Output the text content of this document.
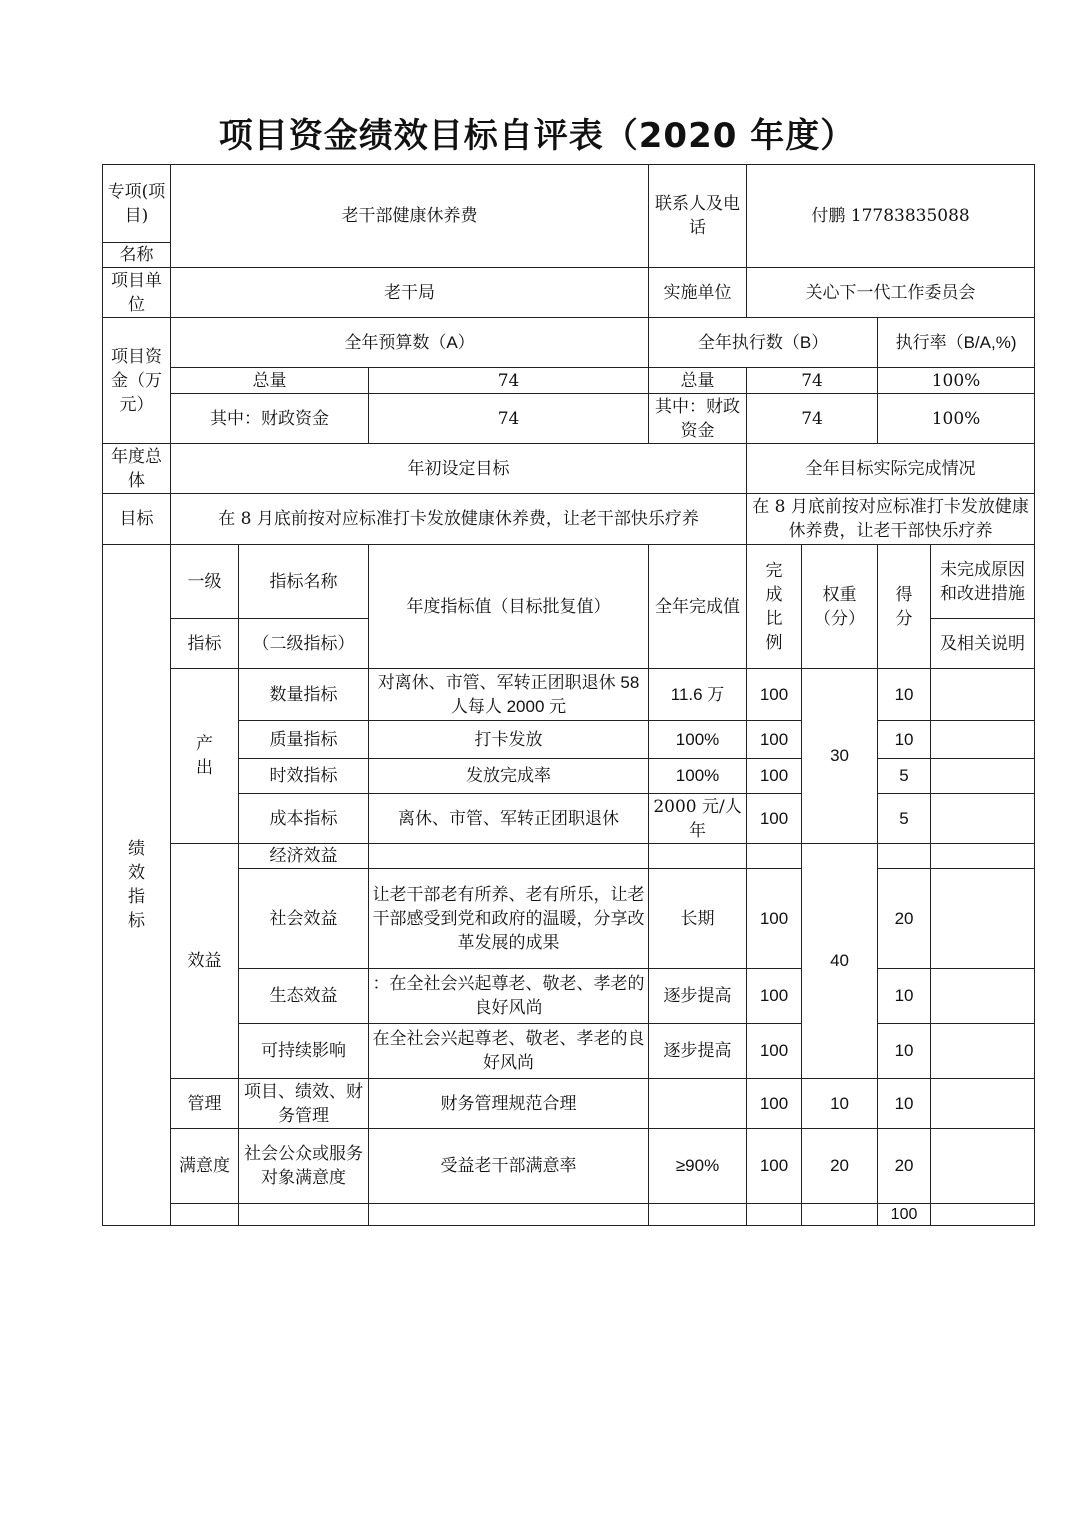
项目资金绩效目标自评表（2020 年度）
专项(项目)	老干部健康休养费			联系人及电话	付鹏 17783835088				
名称									
项目单位	老干局			实施单位	关心下一代工作委员会				
项目资金（万元）	全年预算数（A）			全年执行数（B）			执行率（B/A,%)		
	总量		74	总量	74		100%		
	其中：财政资金		74	其中：财政资金	74		100%		
年度总体	年初设定目标				全年目标实际完成情况				
目标	在 8 月底前按对应标准打卡发放健康休养费，让老干部快乐疗养				在 8 月底前按对应标准打卡发放健康休养费，让老干部快乐疗养				
绩效指标	一级	指标名称	年度指标值（目标批复值）	全年完成值	完成比例	权重（分）	得分	未完成原因和改进措施	
	指标	（二级指标）						及相关说明	
	产出	数量指标	对离休、市管、军转正团职退休 58 人每人 2000 元	11.6 万	100	30	10		
		质量指标	打卡发放	100%	100		10		
		时效指标	发放完成率	100%	100		5		
		成本指标	离休、市管、军转正团职退休	2000 元/人年	100		5		
	效益	经济效益				40			
		社会效益	让老干部老有所养、老有所乐，让老干部感受到党和政府的温暖，分享改革发展的成果	长期	100		20		
		生态效益	：在全社会兴起尊老、敬老、孝老的良好风尚	逐步提高	100		10		
		可持续影响	在全社会兴起尊老、敬老、孝老的良好风尚	逐步提高	100		10		
	管理	项目、绩效、财务管理	财务管理规范合理		100	10	10		
	满意度	社会公众或服务对象满意度	受益老干部满意率	≥90%	100	20	20		
							100		
